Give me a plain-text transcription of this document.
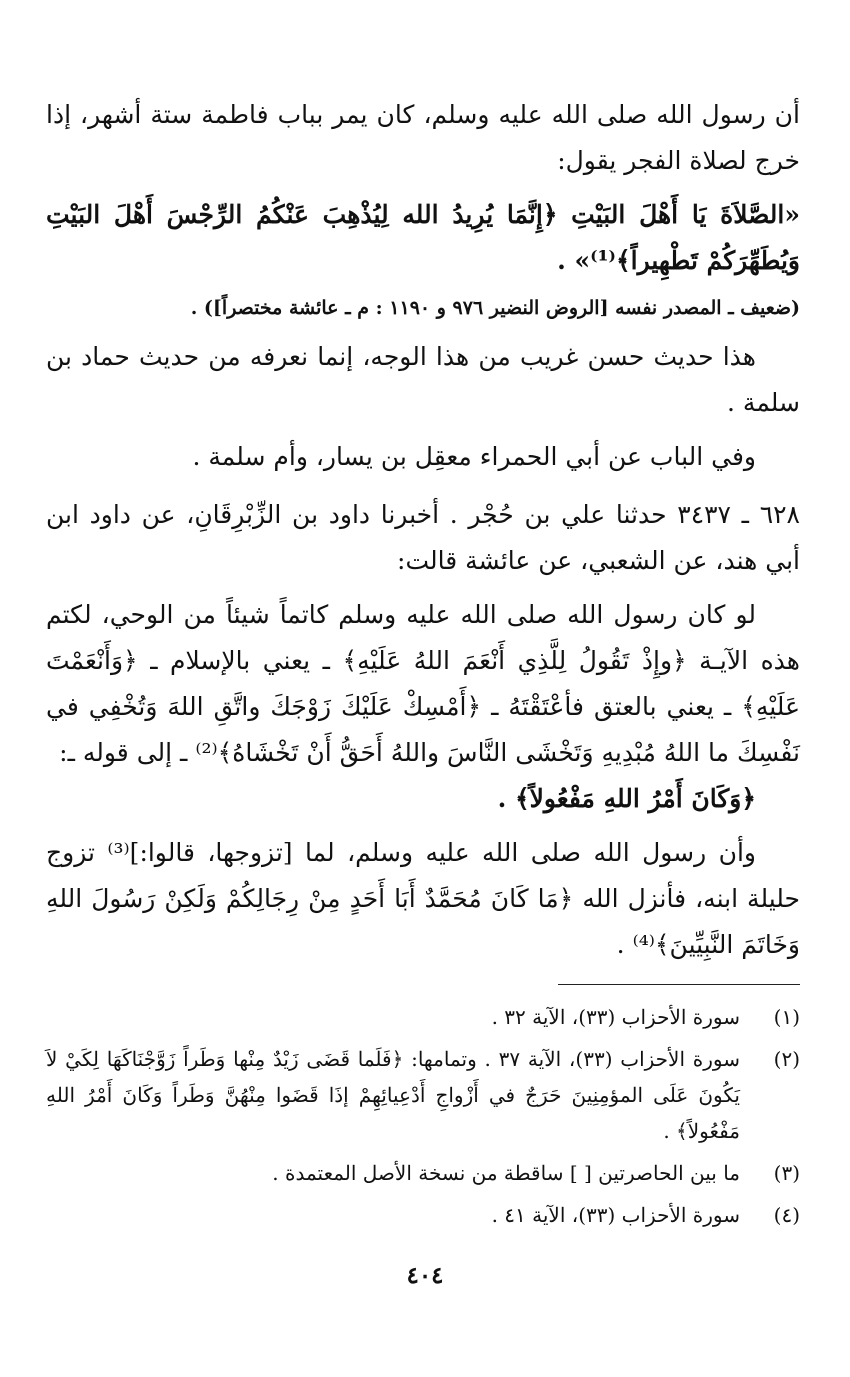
أن رسول الله صلى الله عليه وسلم، كان يمر بباب فاطمة ستة أشهر، إذا خرج لصلاة الفجر يقول:

«الصَّلاَةَ يَا أَهْلَ البَيْتِ ﴿إِنَّمَا يُرِيدُ الله لِيُذْهِبَ عَنْكُمُ الرِّجْسَ أَهْلَ البَيْتِ وَيُطَهِّرَكُمْ تَطْهِيراً﴾⁽¹⁾» .

(ضعيف ـ المصدر نفسه [الروض النضير ٩٧٦ و ١١٩٠ : م ـ عائشة مختصراً]) .

هذا حديث حسن غريب من هذا الوجه، إنما نعرفه من حديث حماد بن سلمة .

وفي الباب عن أبي الحمراء معقِل بن يسار، وأم سلمة .

٦٢٨ ـ ٣٤٣٧ حدثنا علي بن حُجْر . أخبرنا داود بن الزِّبْرِقَانِ، عن داود ابن أبي هند، عن الشعبي، عن عائشة قالت:

لو كان رسول الله صلى الله عليه وسلم كاتماً شيئاً من الوحي، لكتم هذه الآيـة ﴿وإِذْ تَقُولُ لِلَّذِي أَنْعَمَ اللهُ عَلَيْهِ﴾ ـ يعني بالإسلام ـ ﴿وَأَنْعَمْتَ عَلَيْهِ﴾ ـ يعني بالعتق فأعْتَقْتَهُ ـ ﴿أَمْسِكْ عَلَيْكَ زَوْجَكَ واتَّقِ اللهَ وَتُخْفِي في نَفْسِكَ ما اللهُ مُبْدِيهِ وَتَخْشَى النَّاسَ واللهُ أَحَقُّ أَنْ تَخْشَاهُ﴾⁽²⁾ ـ إلى قوله ـ:

﴿وَكَانَ أَمْرُ اللهِ مَفْعُولاً﴾ .

وأن رسول الله صلى الله عليه وسلم، لما [تزوجها، قالوا:]⁽³⁾ تزوج حليلة ابنه، فأنزل الله ﴿مَا كَانَ مُحَمَّدٌ أَبَا أَحَدٍ مِنْ رِجَالِكُمْ وَلَكِنْ رَسُولَ اللهِ وَخَاتَمَ النَّبِيِّينَ﴾⁽⁴⁾ .

(١)
سورة الأحزاب (٣٣)، الآية ٣٢ .
(٢)
سورة الأحزاب (٣٣)، الآية ٣٧ . وتمامها: ﴿فَلَما قَضَى زَيْدٌ مِنْها وَطَراً زَوَّجْنَاكَهَا لِكَيْ لاَ يَكُونَ عَلَى المؤمِنِينَ حَرَجٌ في أَزْواجِ أَدْعِيائِهِمْ إذَا قَضَوا مِنْهُنَّ وَطَراً وَكَانَ أَمْرُ اللهِ مَفْعُولاً﴾ .
(٣)
ما بين الحاصرتين [ ] ساقطة من نسخة الأصل المعتمدة .
(٤)
سورة الأحزاب (٣٣)، الآية ٤١ .
٤٠٤
